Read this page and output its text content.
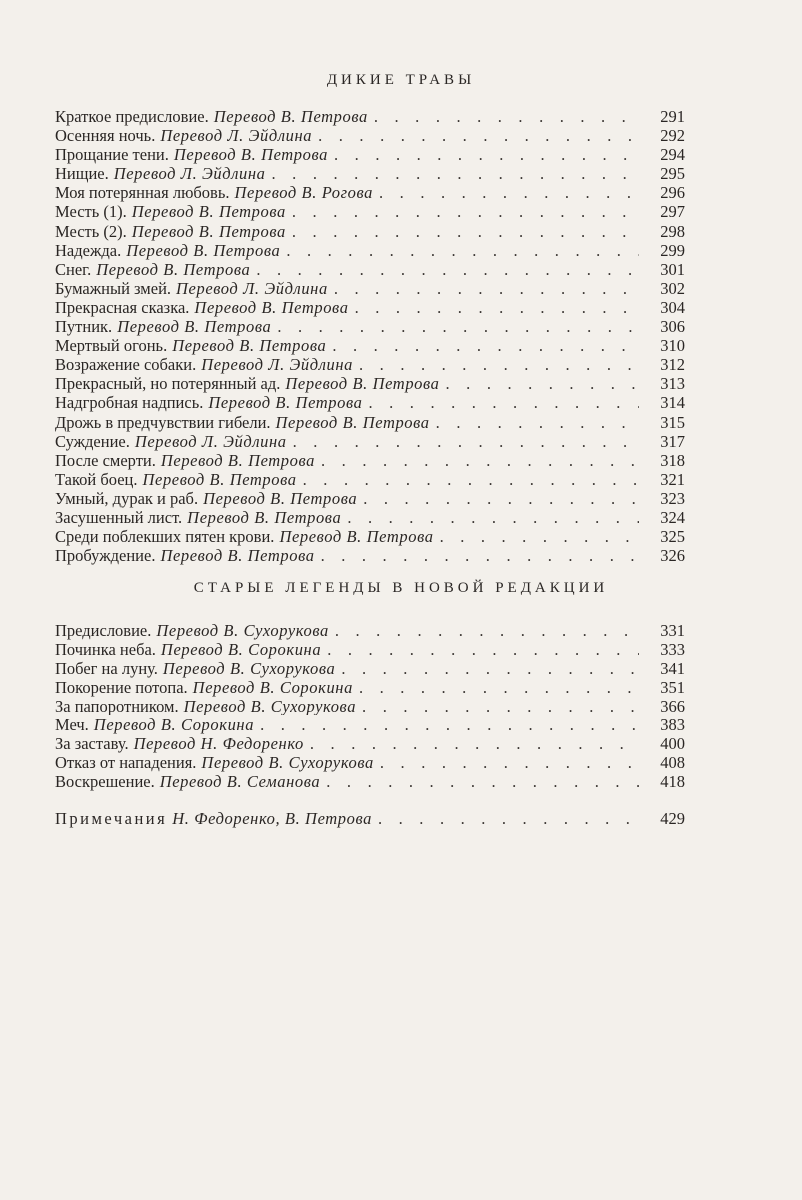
ДИКИЕ ТРАВЫ
Краткое предисловие. Перевод В. Петрова . . .	291
Осенняя ночь. Перевод Л. Эйдлина . . .	292
Прощание тени. Перевод В. Петрова . . .	294
Нищие. Перевод Л. Эйдлина . . .	295
Моя потерянная любовь. Перевод В. Рогова . . .	296
Месть (1). Перевод В. Петрова . . .	297
Месть (2). Перевод В. Петрова . . .	298
Надежда. Перевод В. Петрова . . .	299
Снег. Перевод В. Петрова . . .	301
Бумажный змей. Перевод Л. Эйдлина . . .	302
Прекрасная сказка. Перевод В. Петрова . . .	304
Путник. Перевод В. Петрова . . .	306
Мертвый огонь. Перевод В. Петрова . . .	310
Возражение собаки. Перевод Л. Эйдлина . . .	312
Прекрасный, но потерянный ад. Перевод В. Петрова . . .	313
Надгробная надпись. Перевод В. Петрова . . .	314
Дрожь в предчувствии гибели. Перевод В. Петрова . . .	315
Суждение. Перевод Л. Эйдлина . . .	317
После смерти. Перевод В. Петрова . . .	318
Такой боец. Перевод В. Петрова . . .	321
Умный, дурак и раб. Перевод В. Петрова . . .	323
Засушенный лист. Перевод В. Петрова . . .	324
Среди поблекших пятен крови. Перевод В. Петрова . . .	325
Пробуждение. Перевод В. Петрова . . .	326
СТАРЫЕ ЛЕГЕНДЫ В НОВОЙ РЕДАКЦИИ
Предисловие. Перевод В. Сухорукова . . .	331
Починка неба. Перевод В. Сорокина . . .	333
Побег на луну. Перевод В. Сухорукова . . .	341
Покорение потопа. Перевод В. Сорокина . . .	351
За папоротником. Перевод В. Сухорукова . . .	366
Меч. Перевод В. Сорокина . . .	383
За заставу. Перевод Н. Федоренко . . .	400
Отказ от нападения. Перевод В. Сухорукова . . .	408
Воскрешение. Перевод В. Семанова . . .	418
Примечания Н. Федоренко, В. Петрова . . .	429
